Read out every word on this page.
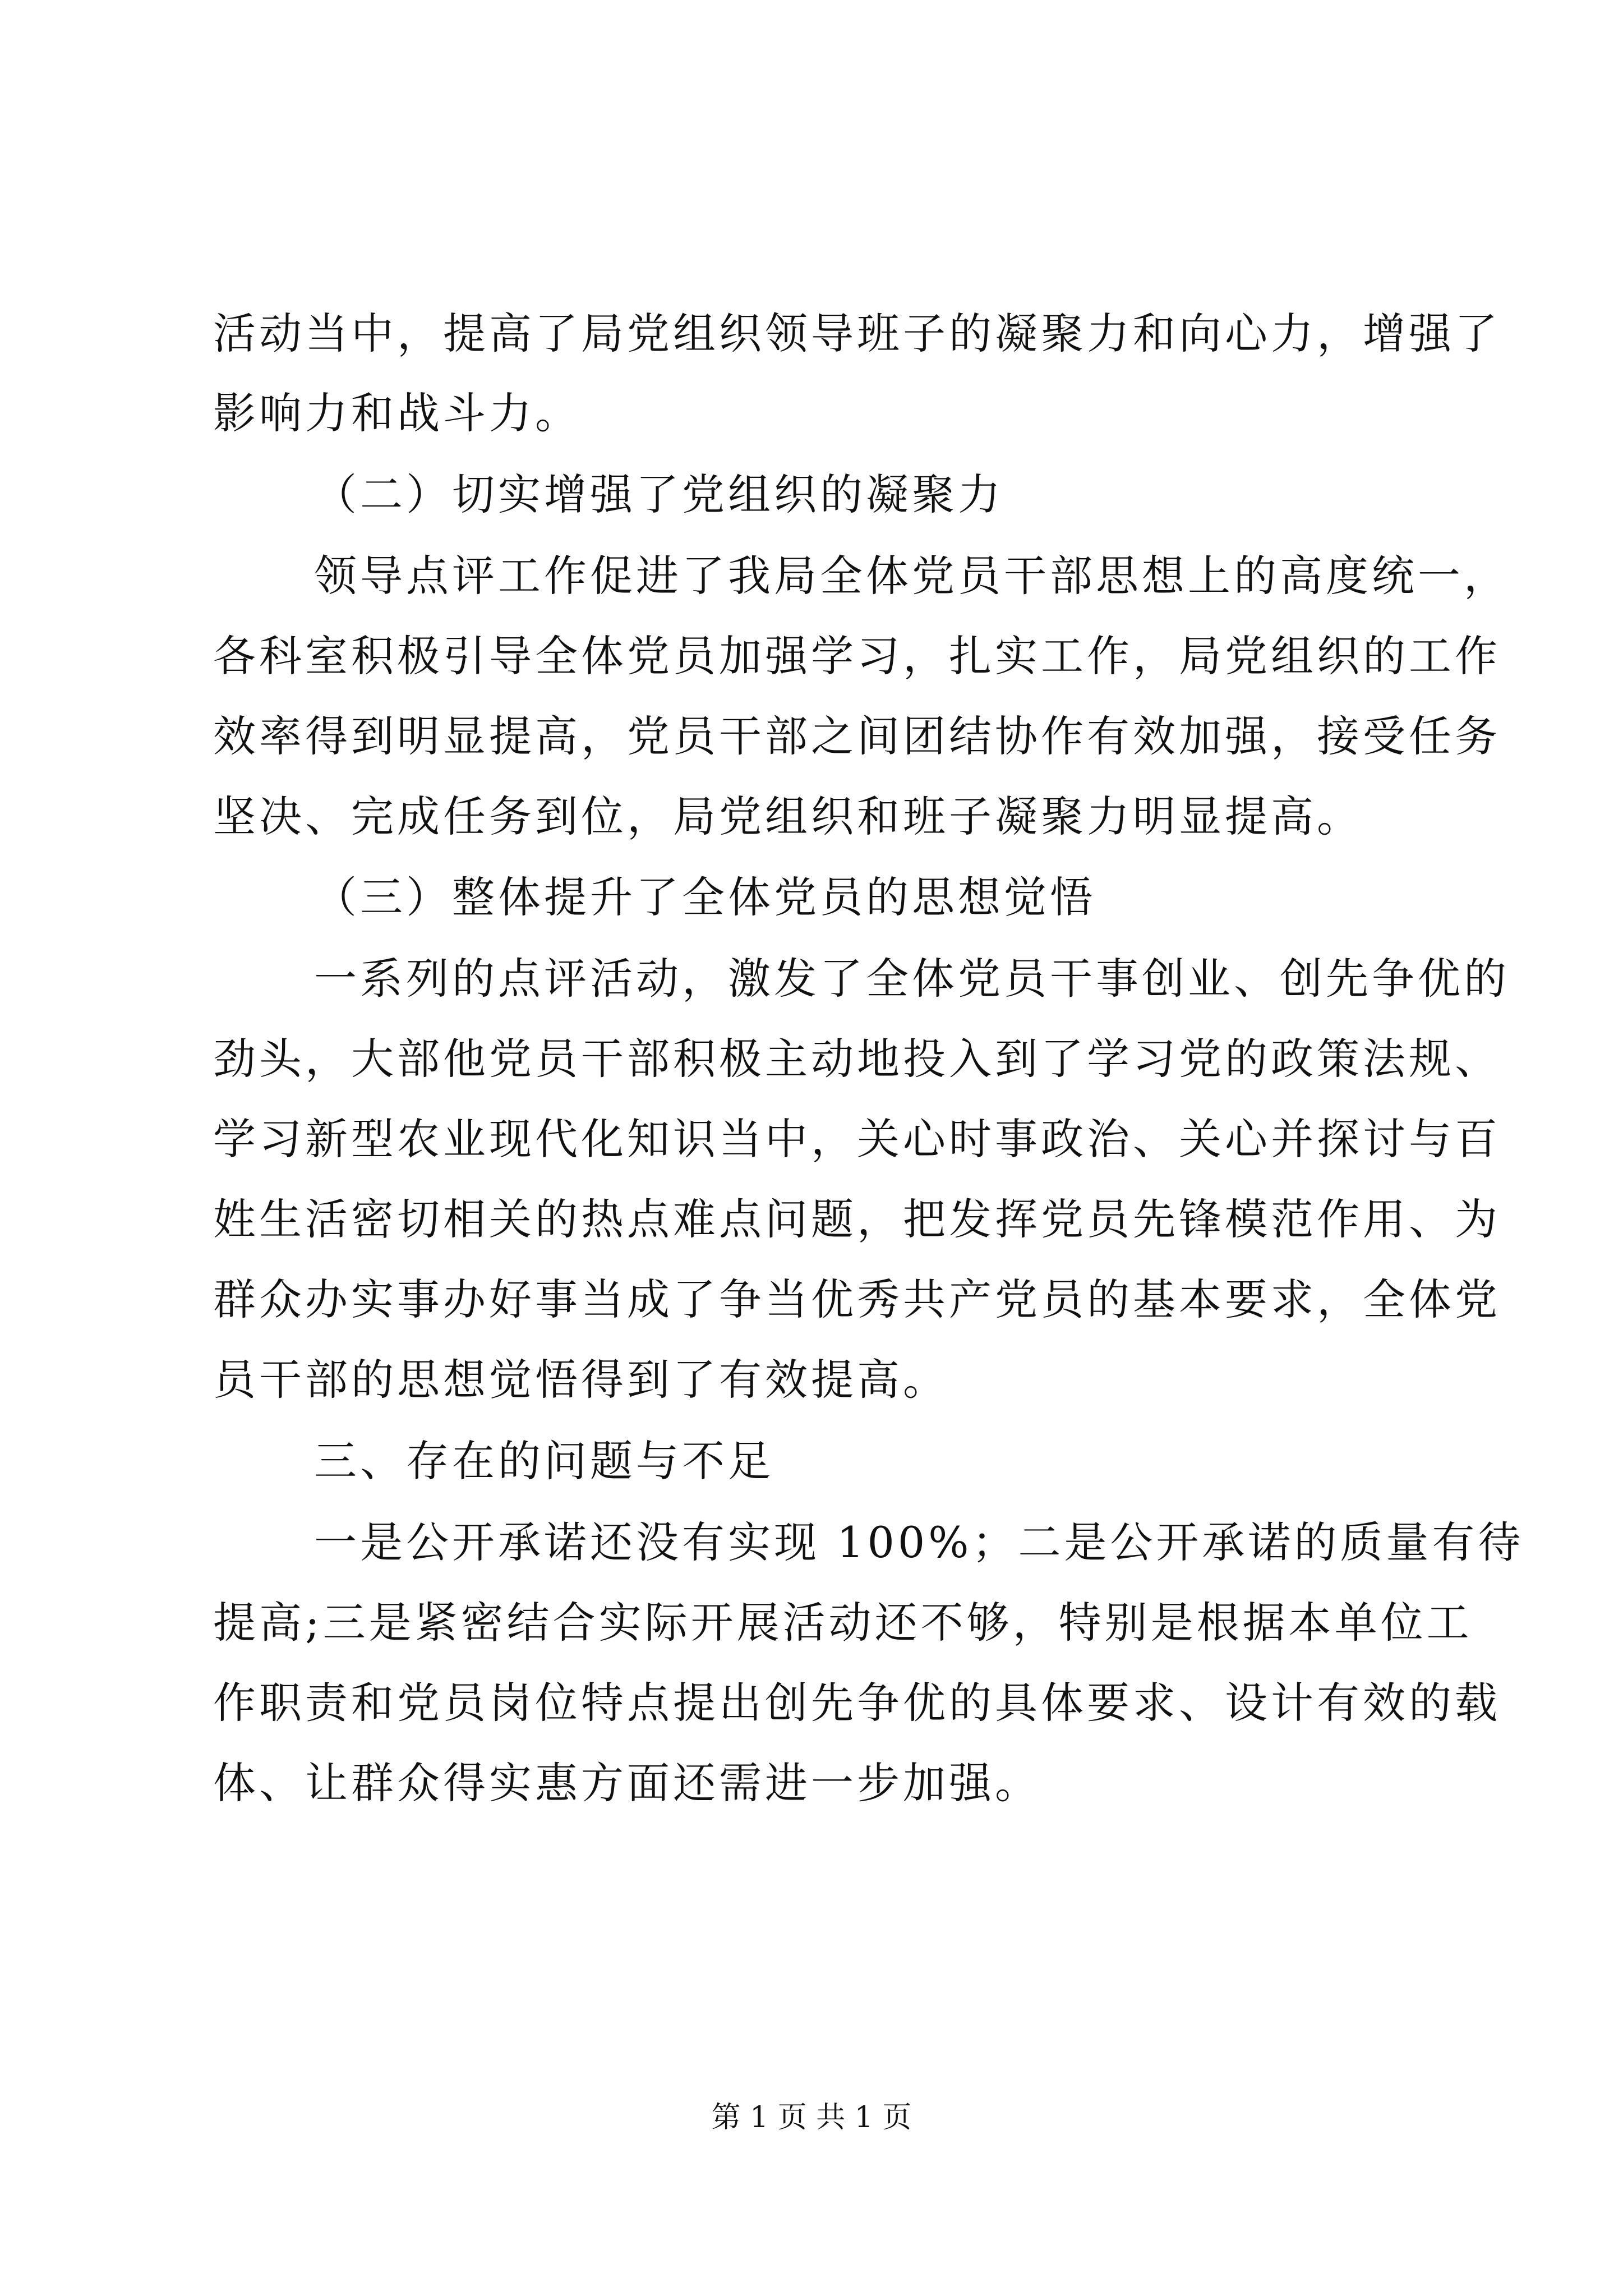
活动当中，提高了局党组织领导班子的凝聚力和向心力，增强了
影响力和战斗力。
（二）切实增强了党组织的凝聚力
领导点评工作促进了我局全体党员干部思想上的高度统一，
各科室积极引导全体党员加强学习，扎实工作，局党组织的工作
效率得到明显提高，党员干部之间团结协作有效加强，接受任务
坚决、完成任务到位，局党组织和班子凝聚力明显提高。
（三）整体提升了全体党员的思想觉悟
一系列的点评活动，激发了全体党员干事创业、创先争优的
劲头，大部他党员干部积极主动地投入到了学习党的政策法规、
学习新型农业现代化知识当中，关心时事政治、关心并探讨与百
姓生活密切相关的热点难点问题，把发挥党员先锋模范作用、为
群众办实事办好事当成了争当优秀共产党员的基本要求，全体党
员干部的思想觉悟得到了有效提高。
三、存在的问题与不足
一是公开承诺还没有实现 100%；二是公开承诺的质量有待
提高;三是紧密结合实际开展活动还不够，特别是根据本单位工
作职责和党员岗位特点提出创先争优的具体要求、设计有效的载
体、让群众得实惠方面还需进一步加强。
第 1 页 共 1 页
